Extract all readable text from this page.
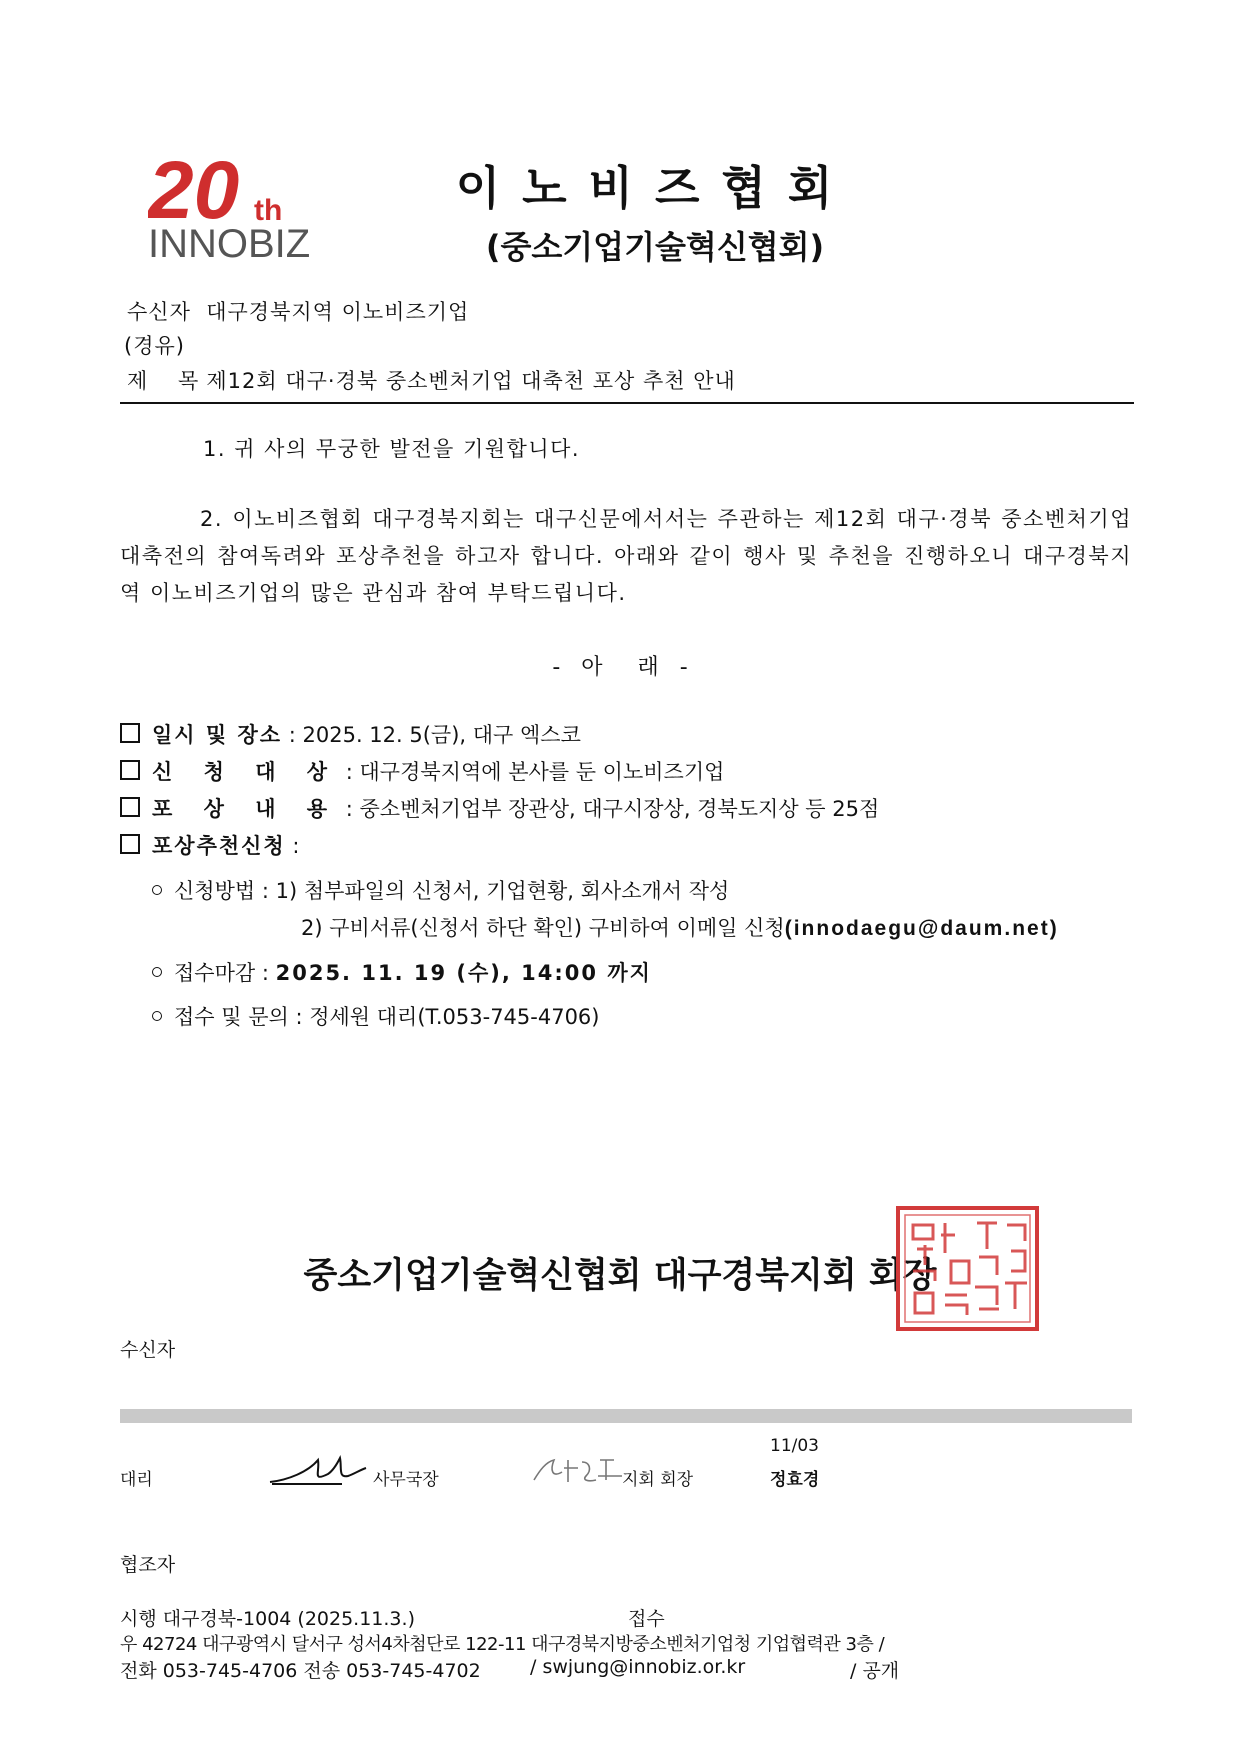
20 th
INNOBIZ
이노비즈협회
(중소기업기술혁신협회)
수신자 대구경북지역 이노비즈기업
(경유)
제 목 제12회 대구·경북 중소벤처기업 대축천 포상 추천 안내
1. 귀 사의 무궁한 발전을 기원합니다.
2. 이노비즈협회 대구경북지회는 대구신문에서서는 주관하는 제12회 대구·경북 중소벤처기업 대축전의 참여독려와 포상추천을 하고자 합니다. 아래와 같이 행사 및 추천을 진행하오니 대구경북지역 이노비즈기업의 많은 관심과 참여 부탁드립니다.
-   아     래   -
일시 및 장소 : 2025. 12. 5(금), 대구 엑스코
신 청 대 상 : 대구경북지역에 본사를 둔 이노비즈기업
포 상 내 용 : 중소벤처기업부 장관상, 대구시장상, 경북도지상 등 25점
포상추천신청 :
신청방법 : 1) 첨부파일의 신청서, 기업현황, 회사소개서 작성
2) 구비서류(신청서 하단 확인) 구비하여 이메일 신청(innodaegu@daum.net)
접수마감 : 2025. 11. 19 (수), 14:00 까지
접수 및 문의 : 정세원 대리(T.053-745-4706)
중소기업기술혁신협회 대구경북지회 회장
수신자
11/03
대리	사무국장	지회 회장	정효경
협조자
시행 대구경북-1004 (2025.11.3.)	접수
우 42724 대구광역시 달서구 성서4차첨단로 122-11 대구경북지방중소벤처기업청 기업협력관 3층 /
전화 053-745-4706 전송 053-745-4702	/ swjung@innobiz.or.kr	/ 공개
